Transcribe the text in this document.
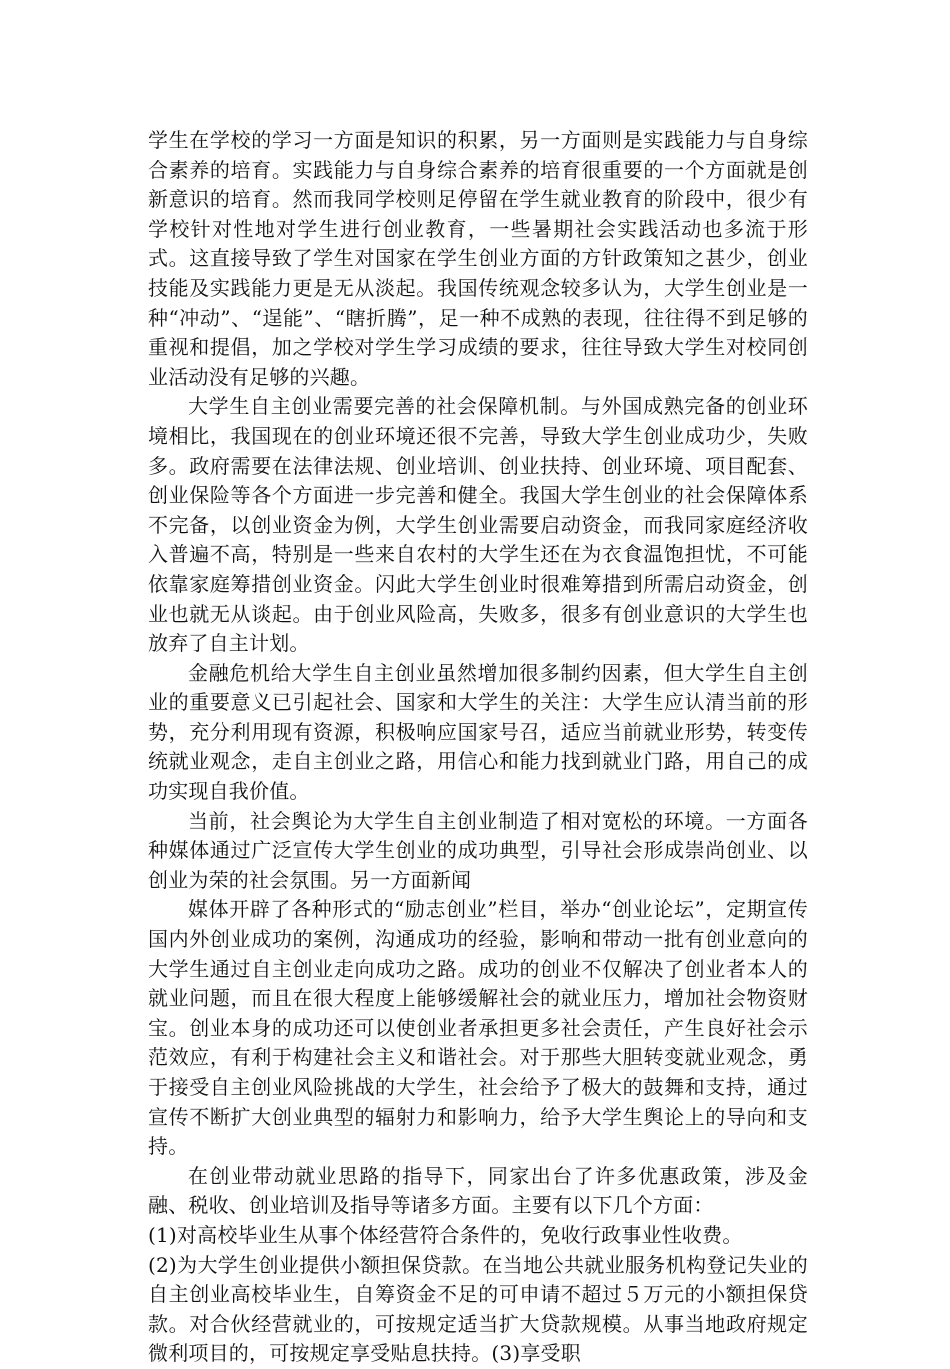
学生在学校的学习一方面是知识的积累，另一方面则是实践能力与自身综合素养的培育。实践能力与自身综合素养的培育很重要的一个方面就是创新意识的培育。然而我同学校则足停留在学生就业教育的阶段中，很少有学校针对性地对学生进行创业教育，一些暑期社会实践活动也多流于形式。这直接导致了学生对国家在学生创业方面的方针政策知之甚少，创业技能及实践能力更是无从淡起。我国传统观念较多认为，大学生创业是一种“冲动”、“逞能”、“瞎折腾”，足一种不成熟的表现，往往得不到足够的重视和提倡，加之学校对学生学习成绩的要求，往往导致大学生对校同创业活动没有足够的兴趣。

大学生自主创业需要完善的社会保障机制。与外国成熟完备的创业环境相比，我国现在的创业环境还很不完善，导致大学生创业成功少，失败多。政府需要在法律法规、创业培训、创业扶持、创业环境、项目配套、创业保险等各个方面进一步完善和健全。我国大学生创业的社会保障体系不完备，以创业资金为例，大学生创业需要启动资金，而我同家庭经济收入普遍不高，特别是一些来自农村的大学生还在为衣食温饱担忧，不可能依靠家庭筹措创业资金。闪此大学生创业时很难筹措到所需启动资金，创业也就无从谈起。由于创业风险高，失败多，很多有创业意识的大学生也放弃了自主计划。

金融危机给大学生自主创业虽然增加很多制约因素，但大学生自主创业的重要意义已引起社会、国家和大学生的关注：大学生应认清当前的形势，充分利用现有资源，积极响应国家号召，适应当前就业形势，转变传统就业观念，走自主创业之路，用信心和能力找到就业门路，用自己的成功实现自我价值。

当前，社会舆论为大学生自主创业制造了相对宽松的环境。一方面各种媒体通过广泛宣传大学生创业的成功典型，引导社会形成崇尚创业、以创业为荣的社会氛围。另一方面新闻

媒体开辟了各种形式的“励志创业”栏目，举办“创业论坛”，定期宣传国内外创业成功的案例，沟通成功的经验，影响和带动一批有创业意向的大学生通过自主创业走向成功之路。成功的创业不仅解决了创业者本人的就业问题，而且在很大程度上能够缓解社会的就业压力，增加社会物资财宝。创业本身的成功还可以使创业者承担更多社会责任，产生良好社会示范效应，有利于构建社会主义和谐社会。对于那些大胆转变就业观念，勇于接受自主创业风险挑战的大学生，社会给予了极大的鼓舞和支持，通过宣传不断扩大创业典型的辐射力和影响力，给予大学生舆论上的导向和支持。

在创业带动就业思路的指导下，同家出台了许多优惠政策，涉及金融、税收、创业培训及指导等诸多方面。主要有以下几个方面：

(1)对高校毕业生从事个体经营符合条件的，免收行政事业性收费。

(2)为大学生创业提供小额担保贷款。在当地公共就业服务机构登记失业的自主创业高校毕业生，自筹资金不足的可申请不超过５万元的小额担保贷款。对合伙经营就业的，可按规定适当扩大贷款规模。从事当地政府规定微利项目的，可按规定享受贴息扶持。(3)享受职
